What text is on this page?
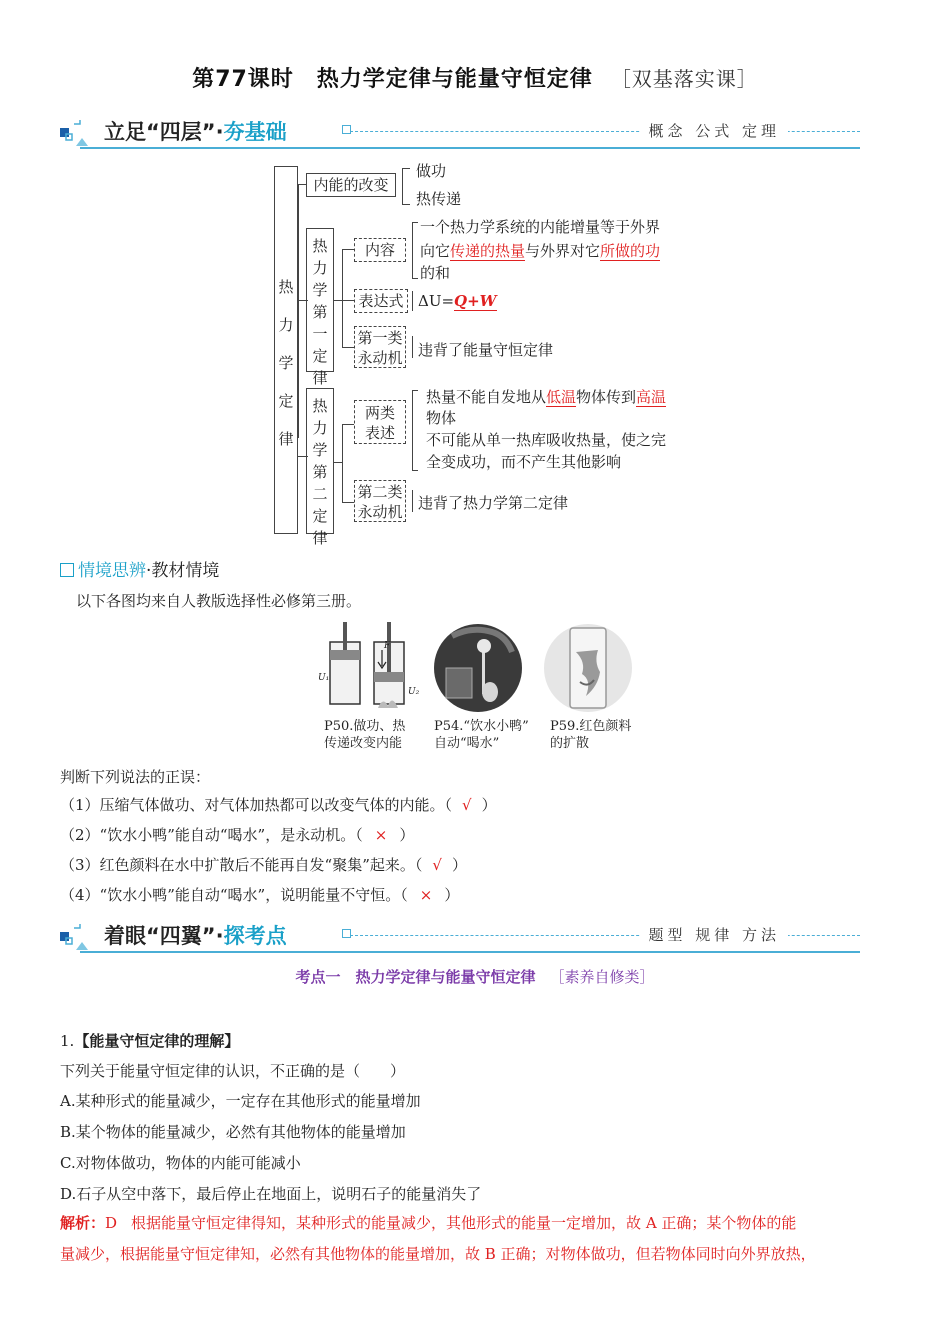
第77课时　热力学定律与能量守恒定律 ［双基落实课］
立足“四层”·夯基础	概念 公式 定理
热力学定律
内能的改变
做功
热传递
热力学第一定律
内容
一个热力学系统的内能增量等于外界
向它传递的热量与外界对它所做的功
的和
表达式 ΔU=Q+W
第一类
永动机 违背了能量守恒定律
热力学第二定律
两类
表述
热量不能自发地从低温物体传到高温
物体
不可能从单一热库吸收热量，使之完
全变成功，而不产生其他影响
第二类
永动机 违背了热力学第二定律
情境思辨·教材情境
以下各图均来自人教版选择性必修第三册。
U₁
U₂
F
P50.做功、热
传递改变内能
P54.“饮水小鸭”
自动“喝水”
P59.红色颜料
的扩散
判断下列说法的正误：
（1）压缩气体做功、对气体加热都可以改变气体的内能。（ √ ）
（2）“饮水小鸭”能自动“喝水”，是永动机。（ × ）
（3）红色颜料在水中扩散后不能再自发“聚集”起来。（ √ ）
（4）“饮水小鸭”能自动“喝水”，说明能量不守恒。（ × ）
着眼“四翼”·探考点	题型 规律 方法
考点一　热力学定律与能量守恒定律 ［素养自修类］
1.【能量守恒定律的理解】
下列关于能量守恒定律的认识，不正确的是（　　）
A.某种形式的能量减少，一定存在其他形式的能量增加
B.某个物体的能量减少，必然有其他物体的能量增加
C.对物体做功，物体的内能可能减小
D.石子从空中落下，最后停止在地面上，说明石子的能量消失了
解析：D 根据能量守恒定律得知，某种形式的能量减少，其他形式的能量一定增加，故 A 正确；某个物体的能
量减少，根据能量守恒定律知，必然有其他物体的能量增加，故 B 正确；对物体做功，但若物体同时向外界放热，
